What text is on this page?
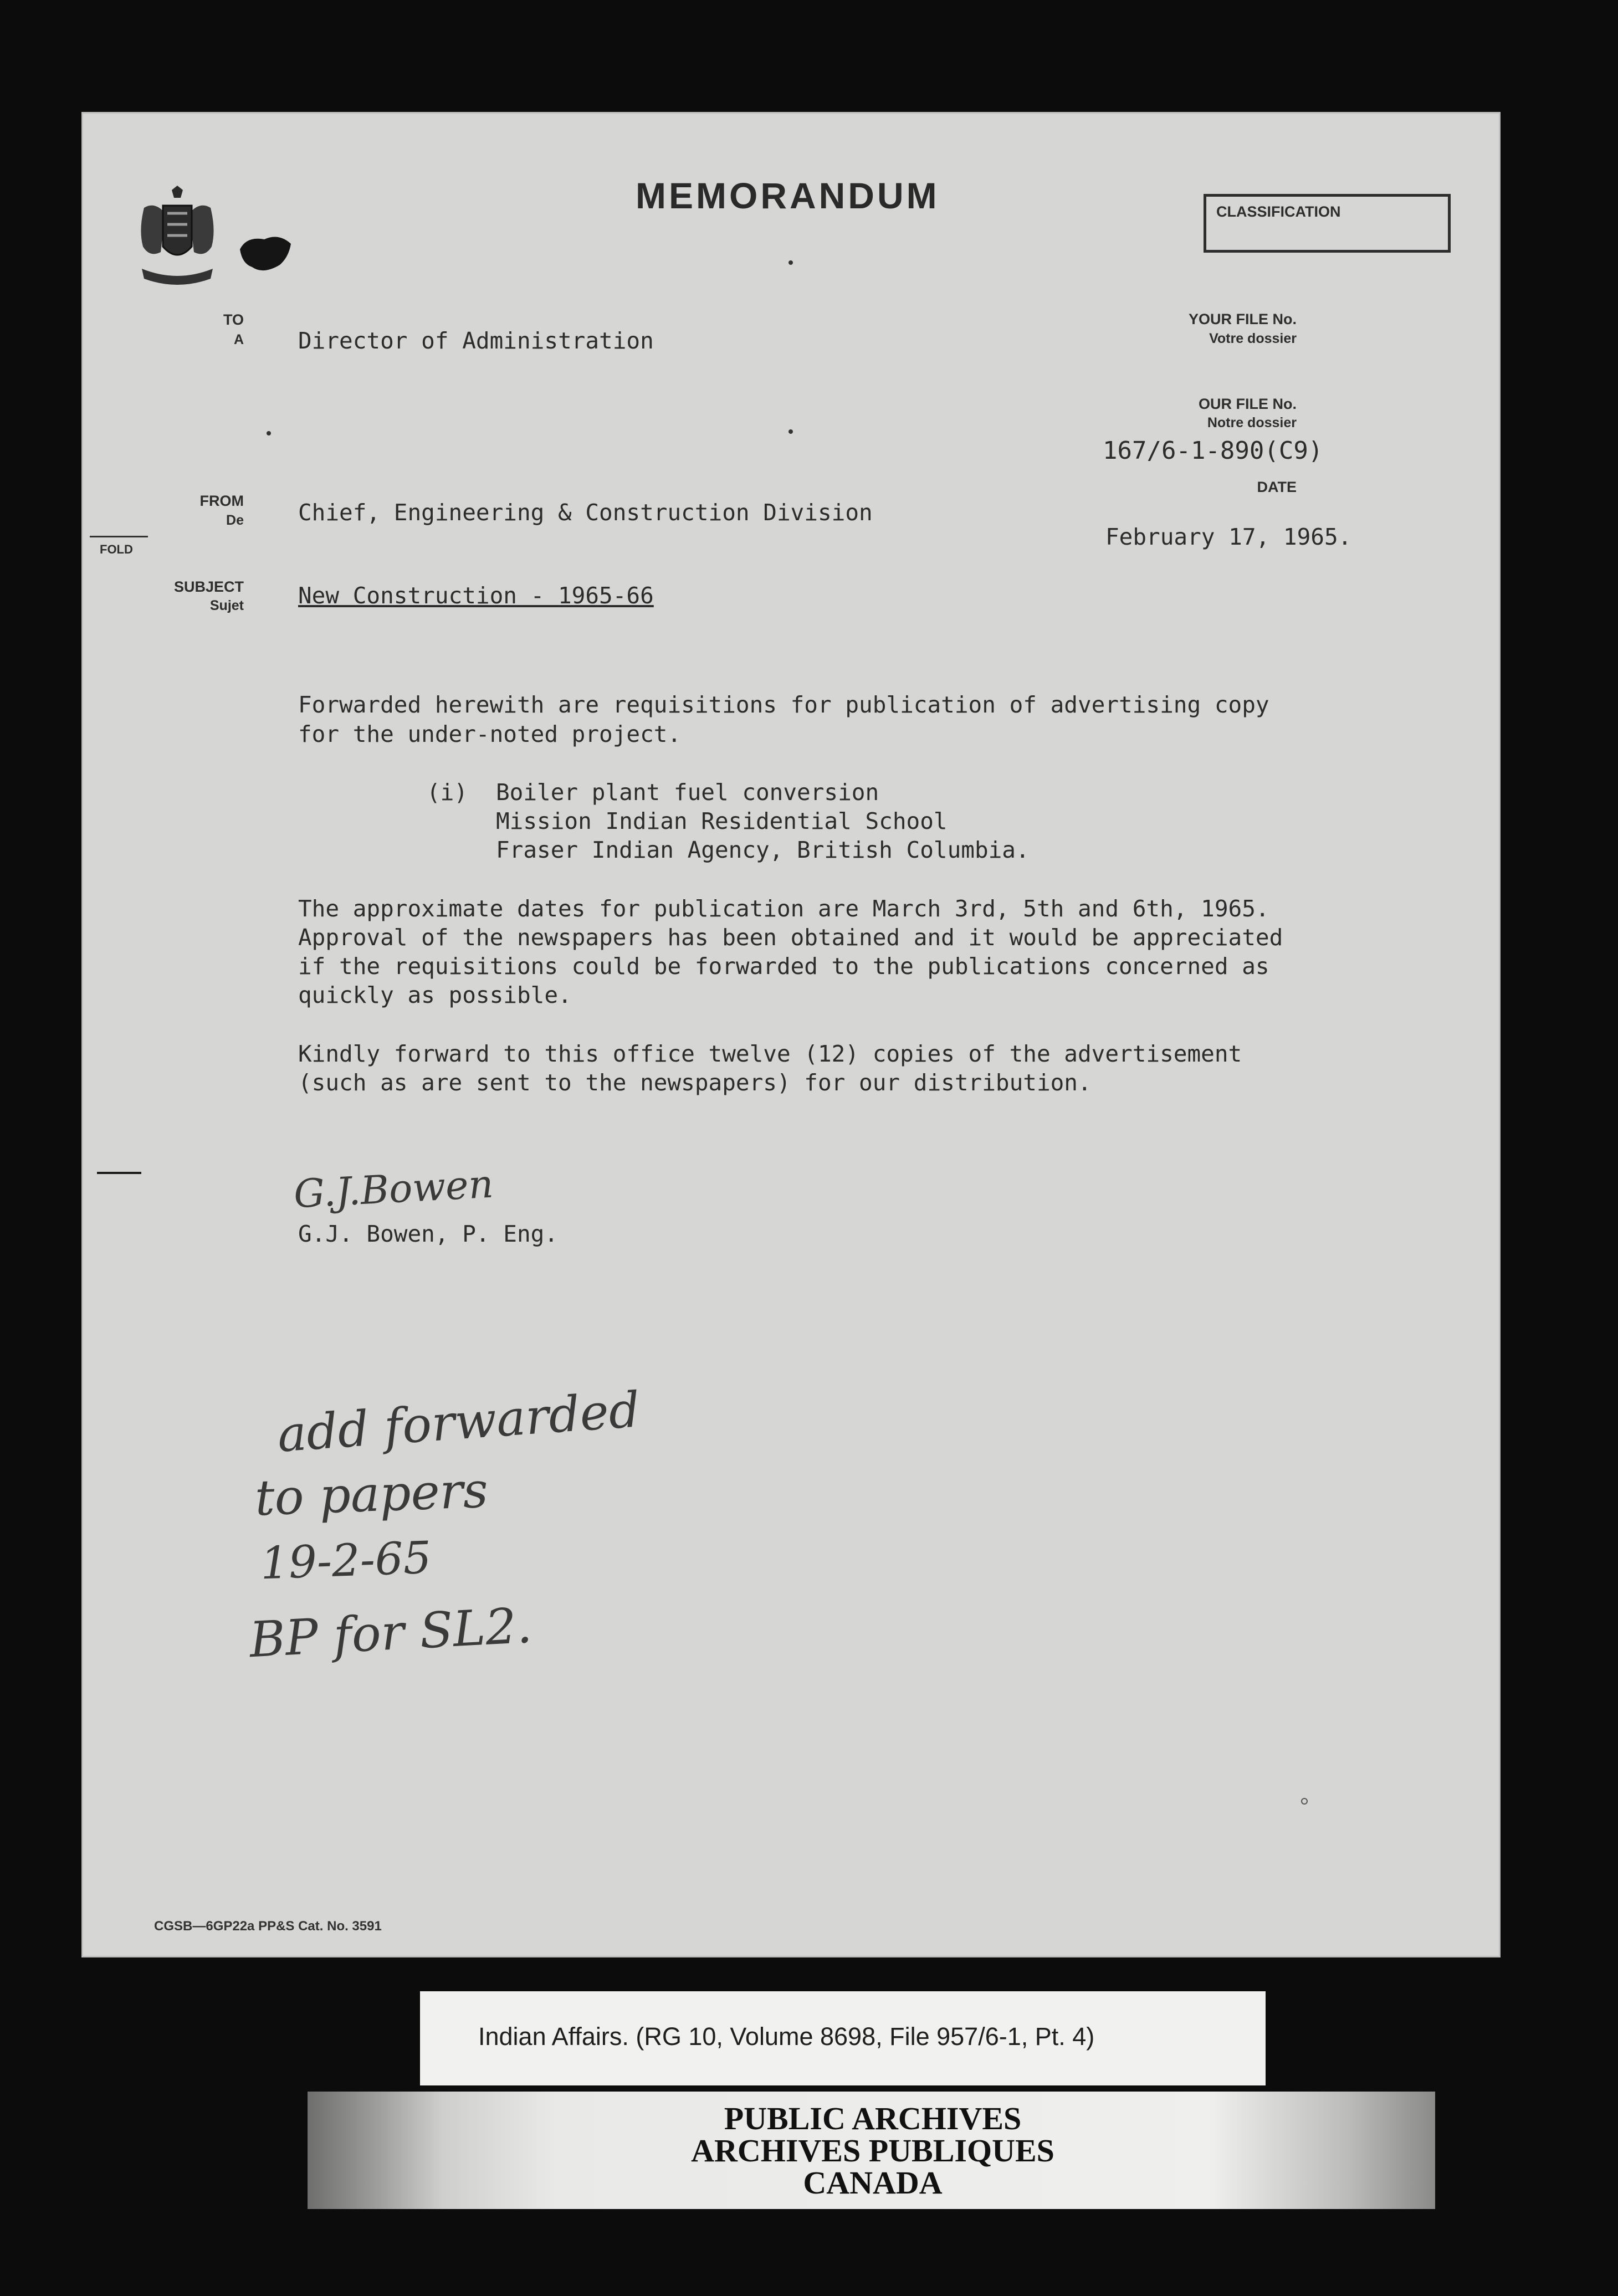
MEMORANDUM	CLASSIFICATION
TO
A
FROM
De
FOLD
SUBJECT
Sujet
YOUR FILE No.
Votre dossier
OUR FILE No.
Notre dossier
167/6-1-890(C9)
DATE
Director of Administration
Chief, Engineering & Construction Division
February 17, 1965.
New Construction - 1965-66
Forwarded herewith are requisitions for publication of advertising copy
for the under-noted project.
(i) Boiler plant fuel conversion
Mission Indian Residential School
Fraser Indian Agency, British Columbia.
The approximate dates for publication are March 3rd, 5th and 6th, 1965.
Approval of the newspapers has been obtained and it would be appreciated
if the requisitions could be forwarded to the publications concerned as
quickly as possible.
Kindly forward to this office twelve (12) copies of the advertisement
(such as are sent to the newspapers) for our distribution.
G.J.Bowen
G.J. Bowen, P. Eng.
add forwarded
to papers
19-2-65
BP for SL2.
CGSB—6GP22a PP&S Cat. No. 3591
Indian Affairs. (RG 10, Volume 8698, File 957/6-1, Pt. 4)
PUBLIC ARCHIVES
ARCHIVES PUBLIQUES
CANADA
